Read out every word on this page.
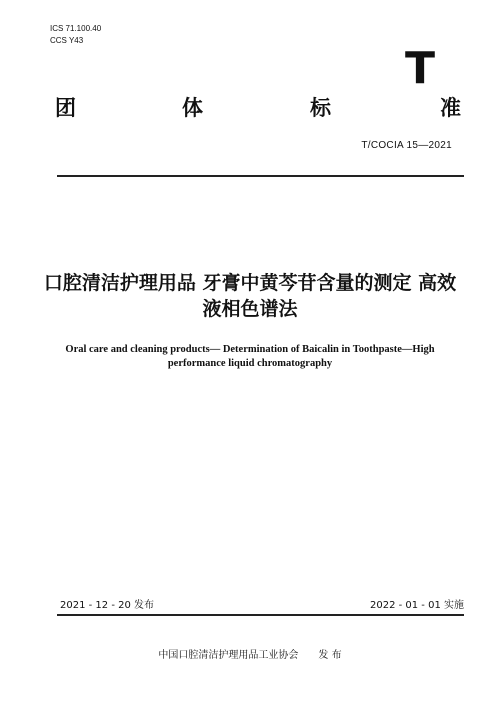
ICS 71.100.40
CCS Y43
T
团	体	标	准
T/COCIA 15—2021
口腔清洁护理用品 牙膏中黄芩苷含量的测定 高效液相色谱法
Oral care and cleaning products— Determination of Baicalin in Toothpaste—High performance liquid chromatography
2021 - 12 - 20 发布	2022 - 01 - 01 实施
中国口腔清洁护理用品工业协会 发 布
